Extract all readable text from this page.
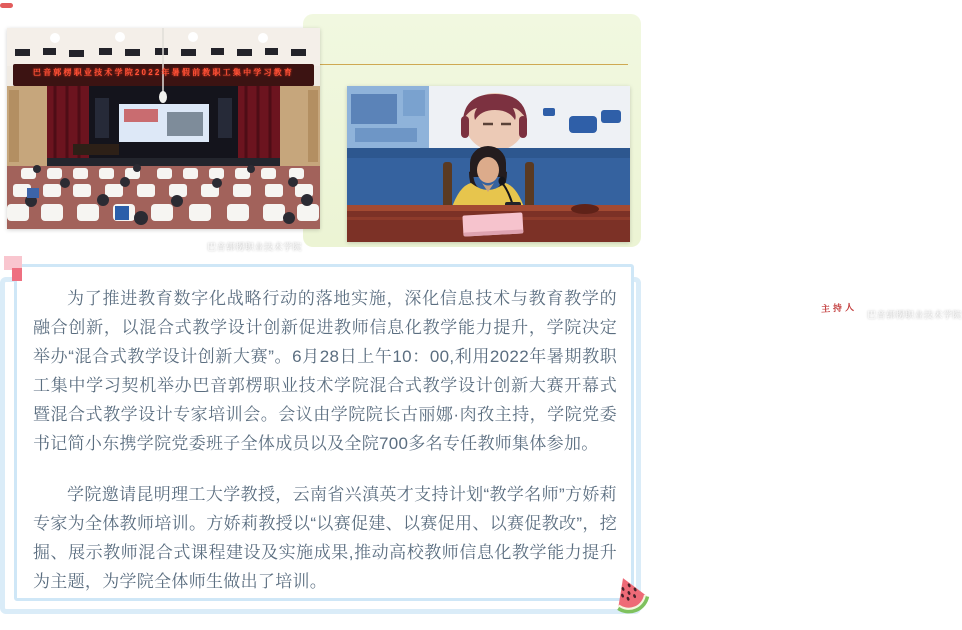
巴音郭楞职业技术学院2022年暑假前教职工集中学习教育
巴音郭楞职业技术学院
主持人
巴音郭楞职业技术学院

为了推进教育数字化战略行动的落地实施，深化信息技术与教育教学的融合创新，以混合式教学设计创新促进教师信息化教学能力提升，学院决定举办“混合式教学设计创新大赛”。6月28日上午10：00,利用2022年暑期教职工集中学习契机举办巴音郭楞职业技术学院混合式教学设计创新大赛开幕式暨混合式教学设计专家培训会。会议由学院院长古丽娜·肉孜主持，学院党委书记简小东携学院党委班子全体成员以及全院700多名专任教师集体参加。

学院邀请昆明理工大学教授，云南省兴滇英才支持计划“教学名师”方娇莉专家为全体教师培训。方娇莉教授以“以赛促建、以赛促用、以赛促教改”，挖掘、展示教师混合式课程建设及实施成果,推动高校教师信息化教学能力提升为主题，为学院全体师生做出了培训。
